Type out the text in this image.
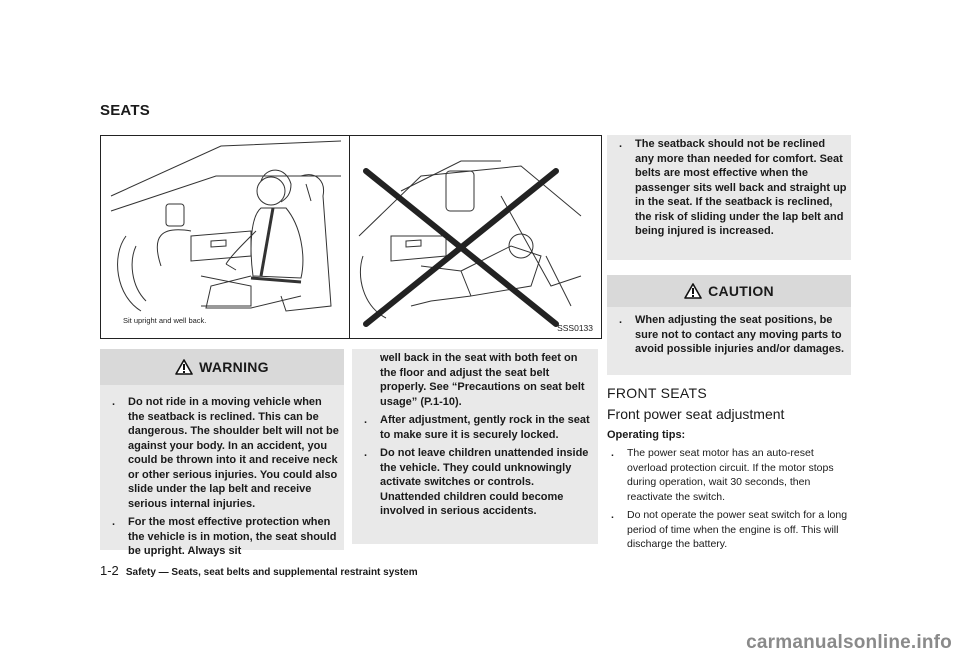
SEATS
Sit upright and well back.
SSS0133
WARNING
. Do not ride in a moving vehicle when the seatback is reclined. This can be dangerous. The shoulder belt will not be against your body. In an accident, you could be thrown into it and receive neck or other serious injuries. You could also slide under the lap belt and receive serious internal injuries.
. For the most effective protection when the vehicle is in motion, the seat should be upright. Always sit
well back in the seat with both feet on the floor and adjust the seat belt properly. See “Precautions on seat belt usage” (P.1-10).
. After adjustment, gently rock in the seat to make sure it is securely locked.
. Do not leave children unattended inside the vehicle. They could unknowingly activate switches or controls. Unattended children could become involved in serious accidents.
. The seatback should not be reclined any more than needed for comfort. Seat belts are most effective when the passenger sits well back and straight up in the seat. If the seatback is reclined, the risk of sliding under the lap belt and being injured is increased.
CAUTION
. When adjusting the seat positions, be sure not to contact any moving parts to avoid possible injuries and/or damages.
FRONT SEATS
Front power seat adjustment
Operating tips:
. The power seat motor has an auto-reset overload protection circuit. If the motor stops during operation, wait 30 seconds, then reactivate the switch.
. Do not operate the power seat switch for a long period of time when the engine is off. This will discharge the battery.
1-2 Safety — Seats, seat belts and supplemental restraint system
carmanualsonline.info
